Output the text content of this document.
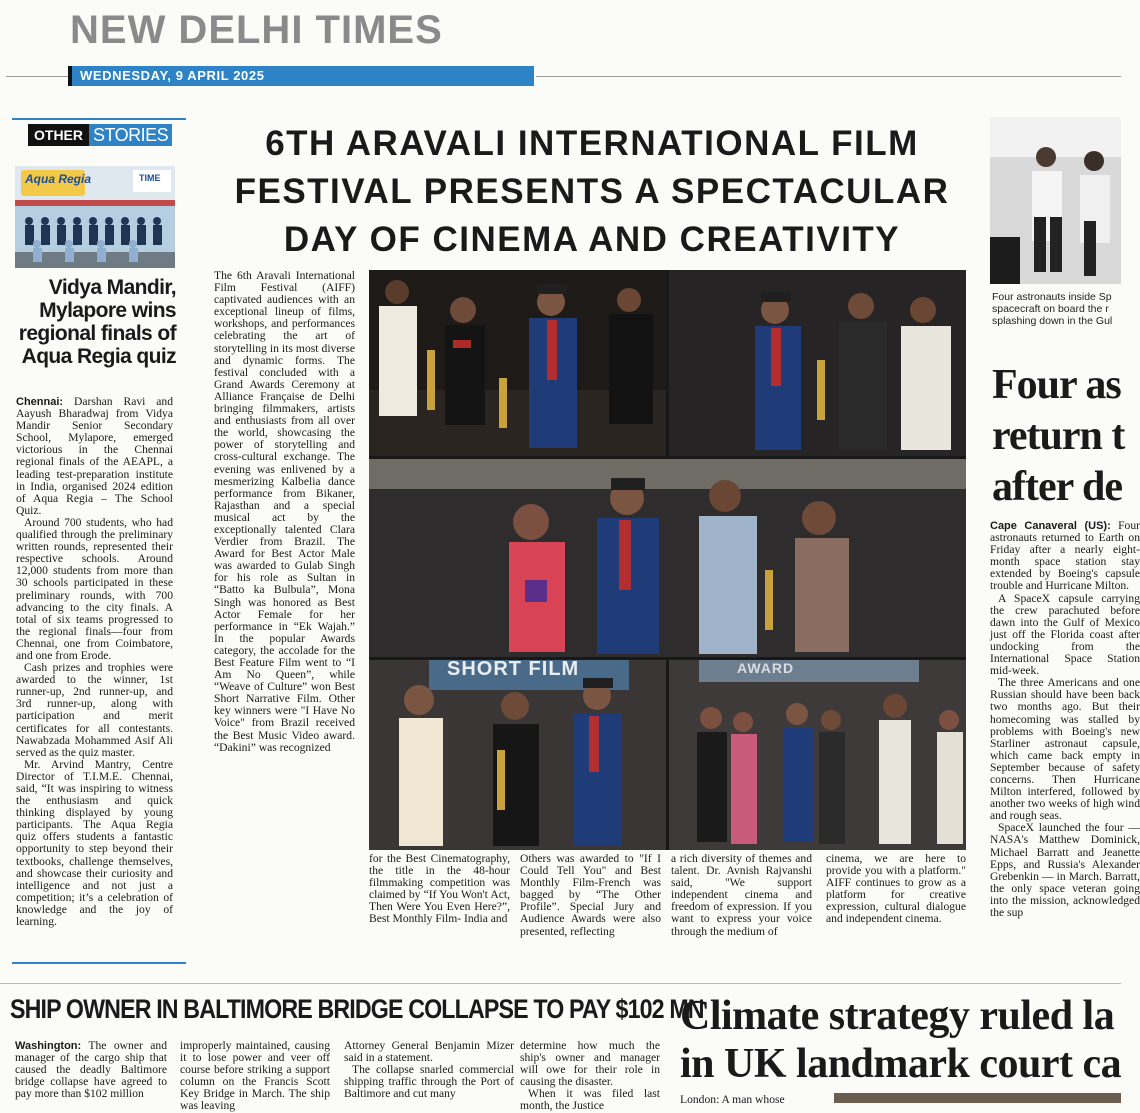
NEW DELHI TIMES
WEDNESDAY, 9 APRIL 2025
OTHER STORIES
Aqua Regia	TIME
Vidya Mandir, Mylapore wins regional finals of Aqua Regia quiz

Chennai: Darshan Ravi and Aayush Bharadwaj from Vidya Mandir Senior Secondary School, Mylapore, emerged victorious in the Chennai regional finals of the AEAPL, a leading test-preparation institute in India, organised 2024 edition of Aqua Regia – The School Quiz.

Around 700 students, who had qualified through the preliminary written rounds, represented their respective schools. Around 12,000 students from more than 30 schools participated in these preliminary rounds, with 700 advancing to the city finals. A total of six teams progressed to the regional finals—four from Chennai, one from Coimbatore, and one from Erode.

Cash prizes and trophies were awarded to the winner, 1st runner-up, 2nd runner-up, and 3rd runner-up, along with participation and merit certificates for all contestants. Nawabzada Mohammed Asif Ali served as the quiz master.

Mr. Arvind Mantry, Centre Director of T.I.M.E. Chennai, said, “It was inspiring to witness the enthusiasm and quick thinking displayed by young participants. The Aqua Regia quiz offers students a fantastic opportunity to step beyond their textbooks, challenge themselves, and showcase their curiosity and intelligence and not just a competition; it’s a celebration of knowledge and the joy of learning.

6TH ARAVALI INTERNATIONAL FILM
FESTIVAL PRESENTS A SPECTACULAR
DAY OF CINEMA AND CREATIVITY
The 6th Aravali International Film Festival (AIFF) captivated audiences with an exceptional lineup of films, workshops, and performances celebrating the art of storytelling in its most diverse and dynamic forms. The festival concluded with a Grand Awards Ceremony at Alliance Française de Delhi bringing filmmakers, artists and enthusiasts from all over the world, showcasing the power of storytelling and cross-cultural exchange. The evening was enlivened by a mesmerizing Kalbelia dance performance from Bikaner, Rajasthan and a special musical act by the exceptionally talented Clara Verdier from Brazil. The Award for Best Actor Male was awarded to Gulab Singh for his role as Sultan in “Batto ka Bulbula”, Mona Singh was honored as Best Actor Female for her performance in “Ek Wajah.” In the popular Awards category, the accolade for the Best Feature Film went to “I Am No Queen”, while “Weave of Culture” won Best Short Narrative Film. Other key winners were "I Have No Voice" from Brazil received the Best Music Video award. “Dakini” was recognized
SHORT FILM	AWARD
for the Best Cinematography, the title in the 48-hour filmmaking competition was claimed by “If You Won't Act, Then Were You Even Here?”, Best Monthly Film- India and
Others was awarded to "If I Could Tell You" and Best Monthly Film-French was bagged by “The Other Profile”. Special Jury and Audience Awards were also presented, reflecting
a rich diversity of themes and talent. Dr. Avnish Rajvanshi said, "We support independent cinema and freedom of expression. If you want to express your voice through the medium of
cinema, we are here to provide you with a platform." AIFF continues to grow as a platform for creative expression, cultural dialogue and independent cinema.
Four astronauts inside Sp
spacecraft on board the r
splashing down in the Gul
Four as
return t
after de

Cape Canaveral (US): Four astronauts returned to Earth on Friday after a nearly eight-month space station stay extended by Boeing's capsule trouble and Hurricane Milton.

A SpaceX capsule carrying the crew parachuted before dawn into the Gulf of Mexico just off the Florida coast after undocking from the International Space Station mid-week.

The three Americans and one Russian should have been back two months ago. But their homecoming was stalled by problems with Boeing's new Starliner astronaut capsule, which came back empty in September because of safety concerns. Then Hurricane Milton interfered, followed by another two weeks of high wind and rough seas.

SpaceX launched the four — NASA's Matthew Dominick, Michael Barratt and Jeanette Epps, and Russia's Alexander Grebenkin — in March. Barratt, the only space veteran going into the mission, acknowledged the sup

SHIP OWNER IN BALTIMORE BRIDGE COLLAPSE TO PAY $102 MN

Washington: The owner and manager of the cargo ship that caused the deadly Baltimore bridge collapse have agreed to pay more than $102 million

improperly maintained, causing it to lose power and veer off course before striking a support column on the Francis Scott Key Bridge in March. The ship was leaving

Attorney General Benjamin Mizer said in a statement.

The collapse snarled commercial shipping traffic through the Port of Baltimore and cut many

determine how much the ship's owner and manager will owe for their role in causing the disaster.

When it was filed last month, the Justice

Climate strategy ruled la
in UK landmark court ca
London: A man whose
